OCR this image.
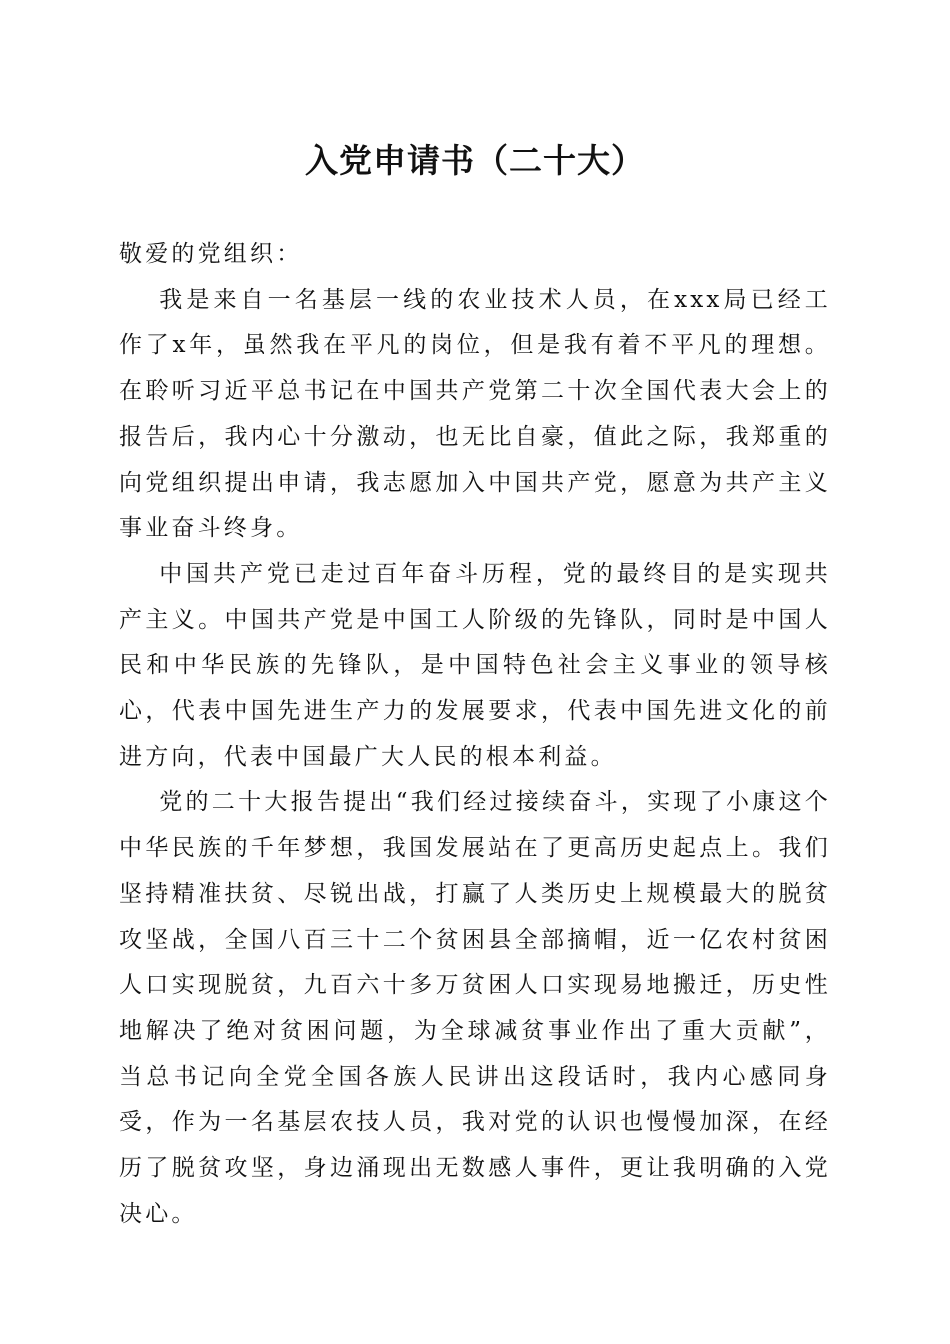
入党申请书（二十大）

敬爱的党组织：

我是来自一名基层一线的农业技术人员，在xxx局已经工作了x年，虽然我在平凡的岗位，但是我有着不平凡的理想。在聆听习近平总书记在中国共产党第二十次全国代表大会上的报告后，我内心十分激动，也无比自豪，值此之际，我郑重的向党组织提出申请，我志愿加入中国共产党，愿意为共产主义事业奋斗终身。

中国共产党已走过百年奋斗历程，党的最终目的是实现共产主义。中国共产党是中国工人阶级的先锋队，同时是中国人民和中华民族的先锋队，是中国特色社会主义事业的领导核心，代表中国先进生产力的发展要求，代表中国先进文化的前进方向，代表中国最广大人民的根本利益。

党的二十大报告提出“我们经过接续奋斗，实现了小康这个中华民族的千年梦想，我国发展站在了更高历史起点上。我们坚持精准扶贫、尽锐出战，打赢了人类历史上规模最大的脱贫攻坚战，全国八百三十二个贫困县全部摘帽，近一亿农村贫困人口实现脱贫，九百六十多万贫困人口实现易地搬迁，历史性地解决了绝对贫困问题，为全球减贫事业作出了重大贡献”，当总书记向全党全国各族人民讲出这段话时，我内心感同身受，作为一名基层农技人员，我对党的认识也慢慢加深，在经历了脱贫攻坚，身边涌现出无数感人事件，更让我明确的入党决心。
